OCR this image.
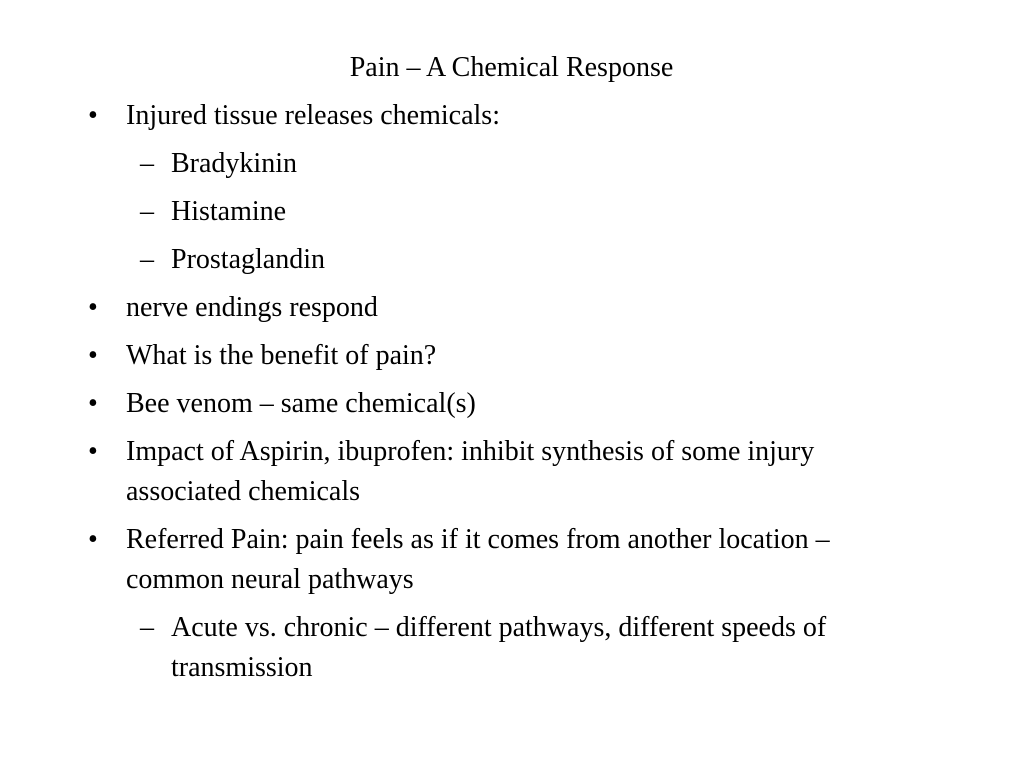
Pain – A Chemical Response
• Injured tissue releases chemicals:
– Bradykinin
– Histamine
– Prostaglandin
• nerve endings respond
• What is the benefit of pain?
• Bee venom – same chemical(s)
• Impact of Aspirin, ibuprofen: inhibit synthesis of some injury associated chemicals
• Referred Pain: pain feels as if it comes from another location – common neural pathways
– Acute vs. chronic – different pathways, different speeds of transmission
